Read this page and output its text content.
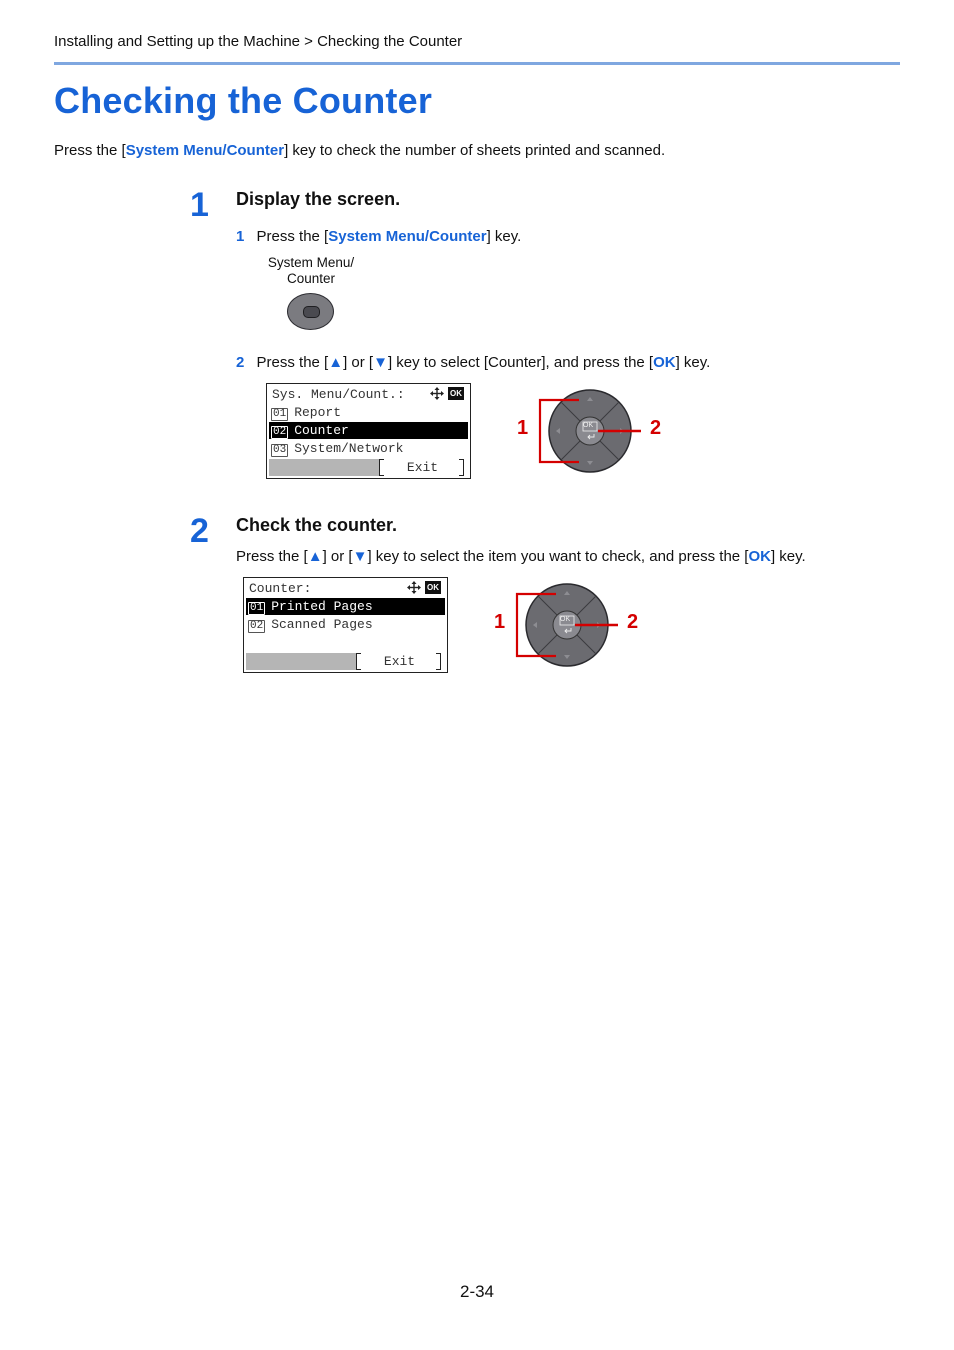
Installing and Setting up the Machine > Checking the Counter
Checking the Counter
Press the [System Menu/Counter] key to check the number of sheets printed and scanned.
1 Display the screen.
1 Press the [System Menu/Counter] key.
System Menu/
Counter
2 Press the [▲] or [▼] key to select [Counter], and press the [OK] key.
Sys. Menu/Count.:	OK
01 Report
02 Counter
03 System/Network
Exit
OK
1	2
2 Check the counter.
Press the [▲] or [▼] key to select the item you want to check, and press the [OK] key.
Counter:	OK
01 Printed Pages
02 Scanned Pages
Exit
OK
1	2
2-34
